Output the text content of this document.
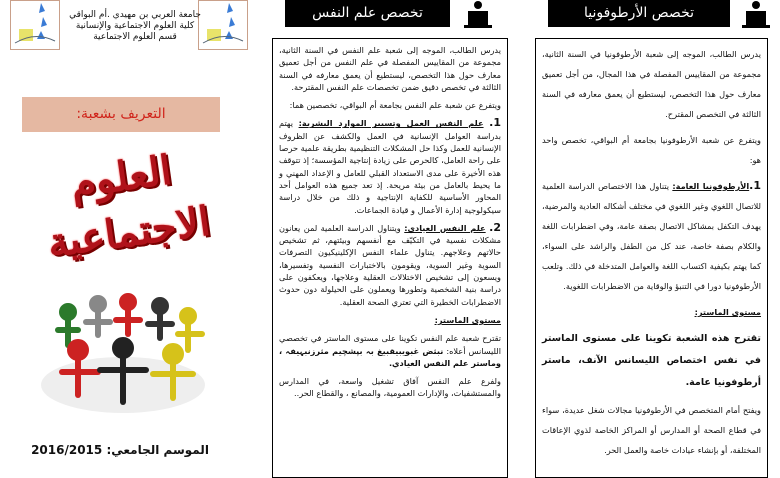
جامعة العربي بن مهيدي .أم البواقي
كلية العلوم الاجتماعية والإنسانية
قسم العلوم الاجتماعية
التعريف بشعبة:
العلوم الاجتماعية
الموسم الجامعي: 2016/2015
تخصص علم النفس

يدرس الطالب، الموجه إلى شعبة علم النفس في السنة الثانية، مجموعة من المقاييس المفصلة في علم النفس من أجل تعميق معارف حول هذا التخصص، ليستطيع أن يعمق معارفه في السنة الثالثة في تخصص دقيق ضمن تخصصات علم النفس المقترحة.

ويتفرع عن شعبة علم النفس بجامعة أم البواقي، تخصصين هما:

1. علم النفس العمل وتسيير الموارد البشرية: يهتم بدراسة العوامل الإنسانية في العمل والكشف عن الظروف الإنسانية للعمل وكذا حل المشكلات التنظيمية بطريقة علمية حرصا على راحة العامل، كالحرص على زيادة إنتاجية المؤسسة؛ إذ تتوقف هذه الأخيرة على مدى الاستعداد القبلي للعامل و الإعداد المهني و ما يحيط بالعامل من بيئة مريحة. إذ تعد جميع هذه العوامل أحد المحاور الأساسية للكفاية الإنتاجية و ذلك من خلال دراسة سيكولوجية إدارة الأعمال و قيادة الجماعات.

2. علم النفس العيادي: ويتناول الدراسة العلمية لمن يعانون مشكلات نفسية في التكيّف مع أنفسهم وبيئتهم، ثم تشخيص حالاتهم وعلاجهم. يتناول علماء النفس الإكلينيكيون التصرفات السوية وغير السوية، ويقومون بالاختبارات النفسية وتفسيرها، ويسعون إلى تشخيص الاختلالات العقلية وعلاجها، ويعكفون على دراسة بنية الشخصية وتطورها ويعملون على الحيلولة دون حدوث الاضطرابات الخطيرة التي تعتري الصحة العقلية.

مستوى الماستر:

تقترح شعبة علم النفس تكوينا على مستوى الماستر في تخصصي الليسانس أعلاه: نبثض غبويبيقبيغ بہ بپشچیم مثرزنبہیفہ ، وماستر علم النفس العيادي.

ولفرع علم النفس آفاق تشغيل واسعة، في المدارس والمستشفيات، والإدارات العمومية، والمصانع ، والقطاع الحر..

تخصص الأرطوفونيا

يدرس الطالب، الموجه إلى شعبة الأرطوفونيا في السنة الثانية، مجموعة من المقاييس المفصلة في هذا المجال، من أجل تعميق معارف حول هذا التخصص، ليستطيع أن يعمق معارفه في السنة الثالثة في التخصص المقترح.

ويتفرع عن شعبة الأرطوفونيا بجامعة أم البواقي، تخصص واحد هو:

1.الأرطوفونيا العامة: يتناول هذا الاختصاص الدراسة العلمية للاتصال اللغوي وغير اللغوي في مختلف أشكاله العادية والمرضية، يهدف التكفل بمشاكل الاتصال بصفة عامة، وفي اضطرابات اللغة والكلام بصفة خاصة، عند كل من الطفل والراشد على السواء، كما يهتم بكيفية اكتساب اللغة والعوامل المتدخلة في ذلك. وتلعب الأرطوفونيا دورا في التنبؤ والوقاية من الاضطرابات اللغوية.

مستوى الماستر:

تقترح هذه الشعبة تكوينا على مستوى الماستر في نفس اختصاص الليسانس الآنف، ماستر أرطوفونيا عامة.

ويفتح أمام المتخصص في الأرطوفونيا مجالات شغل عديدة، سواء في قطاع الصحة أو المدارس أو المراكز الخاصة لذوي الإعاقات المختلفة، أو بإنشاء عيادات خاصة والعمل الحر.
